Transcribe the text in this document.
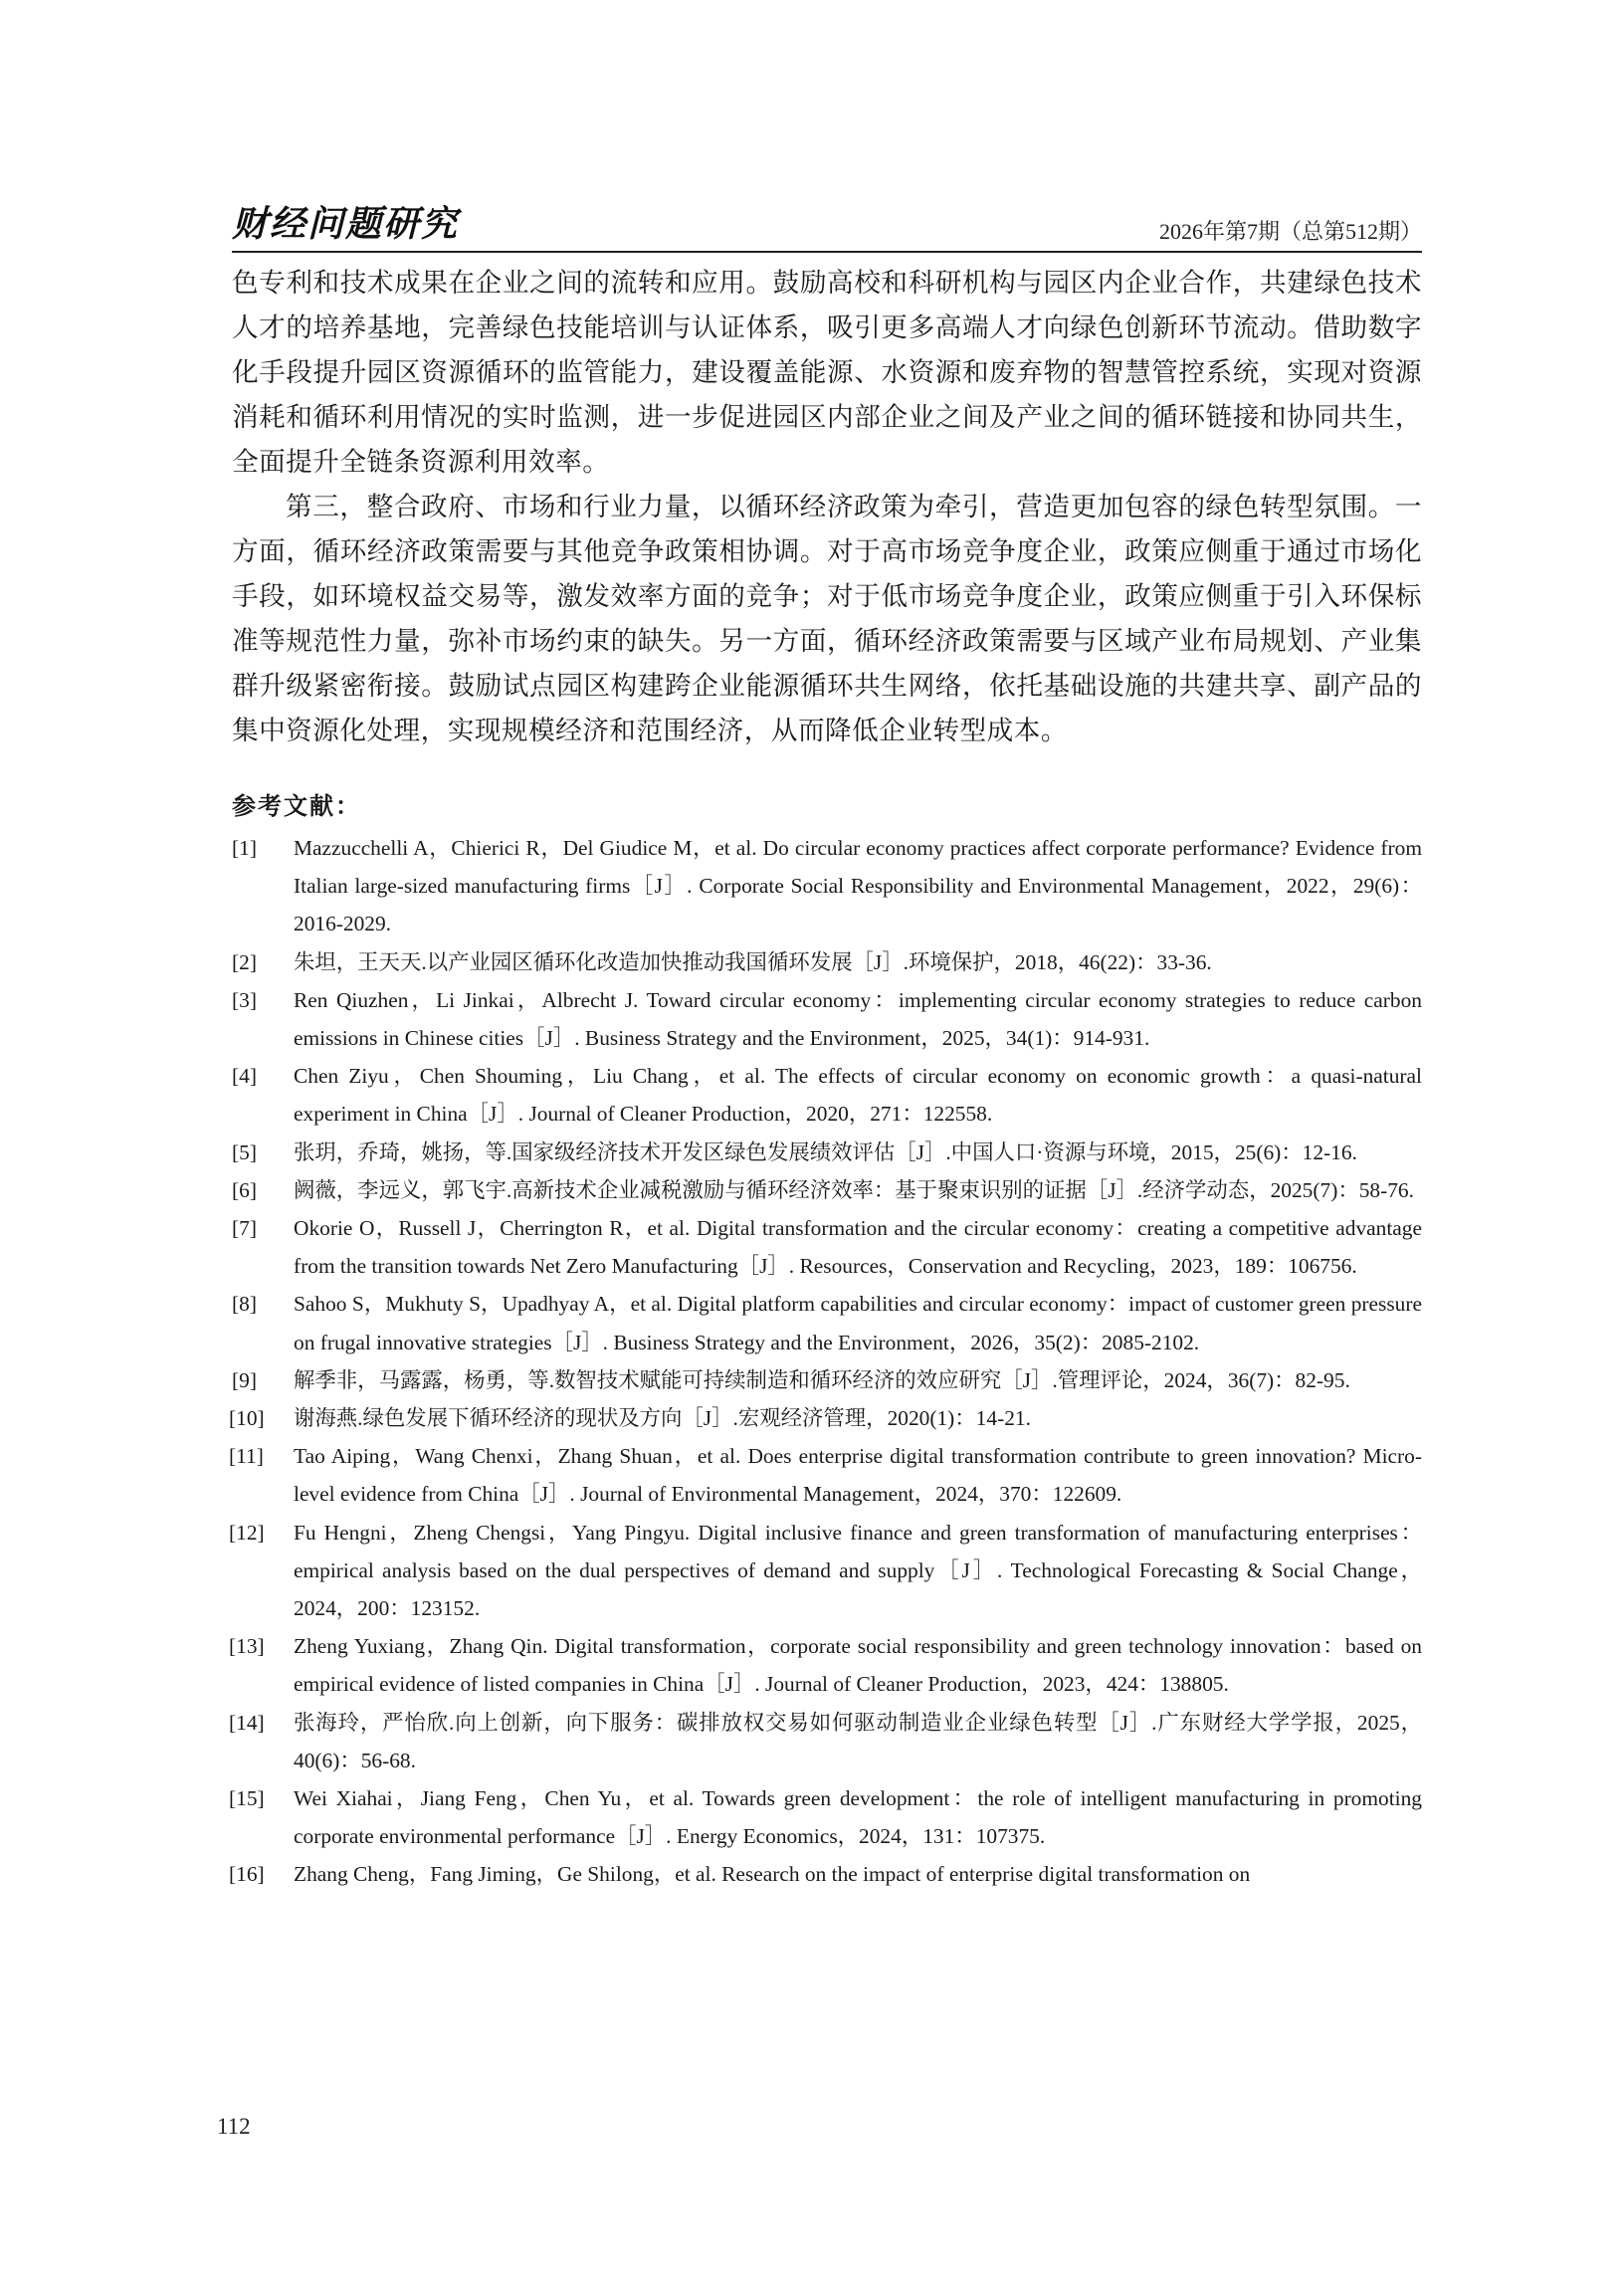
财经问题研究	2026年第7期（总第512期）

色专利和技术成果在企业之间的流转和应用。鼓励高校和科研机构与园区内企业合作，共建绿色技术人才的培养基地，完善绿色技能培训与认证体系，吸引更多高端人才向绿色创新环节流动。借助数字化手段提升园区资源循环的监管能力，建设覆盖能源、水资源和废弃物的智慧管控系统，实现对资源消耗和循环利用情况的实时监测，进一步促进园区内部企业之间及产业之间的循环链接和协同共生，全面提升全链条资源利用效率。

第三，整合政府、市场和行业力量，以循环经济政策为牵引，营造更加包容的绿色转型氛围。一方面，循环经济政策需要与其他竞争政策相协调。对于高市场竞争度企业，政策应侧重于通过市场化手段，如环境权益交易等，激发效率方面的竞争；对于低市场竞争度企业，政策应侧重于引入环保标准等规范性力量，弥补市场约束的缺失。另一方面，循环经济政策需要与区域产业布局规划、产业集群升级紧密衔接。鼓励试点园区构建跨企业能源循环共生网络，依托基础设施的共建共享、副产品的集中资源化处理，实现规模经济和范围经济，从而降低企业转型成本。

参考文献：
[1] Mazzucchelli A，Chierici R，Del Giudice M，et al. Do circular economy practices affect corporate performance? Evidence from Italian large-sized manufacturing firms［J］. Corporate Social Responsibility and Environmental Management，2022，29(6)：2016-2029.
[2] 朱坦，王天天.以产业园区循环化改造加快推动我国循环发展［J］.环境保护，2018，46(22)：33-36.
[3] Ren Qiuzhen，Li Jinkai，Albrecht J. Toward circular economy：implementing circular economy strategies to reduce carbon emissions in Chinese cities［J］. Business Strategy and the Environment，2025，34(1)：914-931.
[4] Chen Ziyu，Chen Shouming，Liu Chang，et al. The effects of circular economy on economic growth：a quasi-natural experiment in China［J］. Journal of Cleaner Production，2020，271：122558.
[5] 张玥，乔琦，姚扬，等.国家级经济技术开发区绿色发展绩效评估［J］.中国人口·资源与环境，2015，25(6)：12-16.
[6] 阙薇，李远义，郭飞宇.高新技术企业减税激励与循环经济效率：基于聚束识别的证据［J］.经济学动态，2025(7)：58-76.
[7] Okorie O，Russell J，Cherrington R，et al. Digital transformation and the circular economy：creating a competitive advantage from the transition towards Net Zero Manufacturing［J］. Resources，Conservation and Recycling，2023，189：106756.
[8] Sahoo S，Mukhuty S，Upadhyay A，et al. Digital platform capabilities and circular economy：impact of customer green pressure on frugal innovative strategies［J］. Business Strategy and the Environment，2026，35(2)：2085-2102.
[9] 解季非，马露露，杨勇，等.数智技术赋能可持续制造和循环经济的效应研究［J］.管理评论，2024，36(7)：82-95.
[10] 谢海燕.绿色发展下循环经济的现状及方向［J］.宏观经济管理，2020(1)：14-21.
[11] Tao Aiping，Wang Chenxi，Zhang Shuan，et al. Does enterprise digital transformation contribute to green innovation? Micro-level evidence from China［J］. Journal of Environmental Management，2024，370：122609.
[12] Fu Hengni，Zheng Chengsi，Yang Pingyu. Digital inclusive finance and green transformation of manufacturing enterprises：empirical analysis based on the dual perspectives of demand and supply［J］. Technological Forecasting & Social Change，2024，200：123152.
[13] Zheng Yuxiang，Zhang Qin. Digital transformation，corporate social responsibility and green technology innovation：based on empirical evidence of listed companies in China［J］. Journal of Cleaner Production，2023，424：138805.
[14] 张海玲，严怡欣.向上创新，向下服务：碳排放权交易如何驱动制造业企业绿色转型［J］.广东财经大学学报，2025，40(6)：56-68.
[15] Wei Xiahai，Jiang Feng，Chen Yu，et al. Towards green development：the role of intelligent manufacturing in promoting corporate environmental performance［J］. Energy Economics，2024，131：107375.
[16] Zhang Cheng，Fang Jiming，Ge Shilong，et al. Research on the impact of enterprise digital transformation on
112
